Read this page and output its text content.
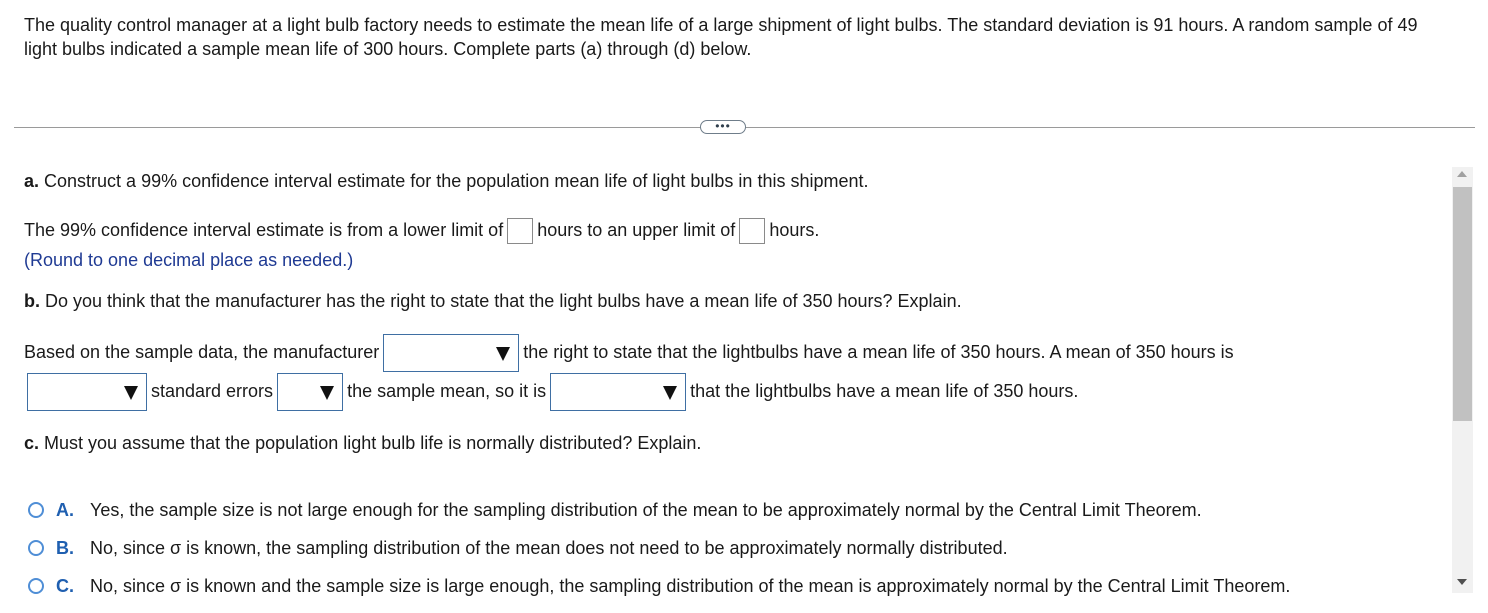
The quality control manager at a light bulb factory needs to estimate the mean life of a large shipment of light bulbs. The standard deviation is 91 hours. A random sample of 49 light bulbs indicated a sample mean life of 300 hours. Complete parts (a) through (d) below.

•••
a. Construct a 99% confidence interval estimate for the population mean life of light bulbs in this shipment.
The 99% confidence interval estimate is from a lower limit of hours to an upper limit of hours.
(Round to one decimal place as needed.)
b. Do you think that the manufacturer has the right to state that the light bulbs have a mean life of 350 hours? Explain.
Based on the sample data, the manufacturer	the right to state that the lightbulbs have a mean life of 350 hours. A mean of 350 hours is
standard errors	the sample mean, so it is	that the lightbulbs have a mean life of 350 hours.
c. Must you assume that the population light bulb life is normally distributed? Explain.
A. Yes, the sample size is not large enough for the sampling distribution of the mean to be approximately normal by the Central Limit Theorem.
B. No, since σ is known, the sampling distribution of the mean does not need to be approximately normally distributed.
C. No, since σ is known and the sample size is large enough, the sampling distribution of the mean is approximately normal by the Central Limit Theorem.
